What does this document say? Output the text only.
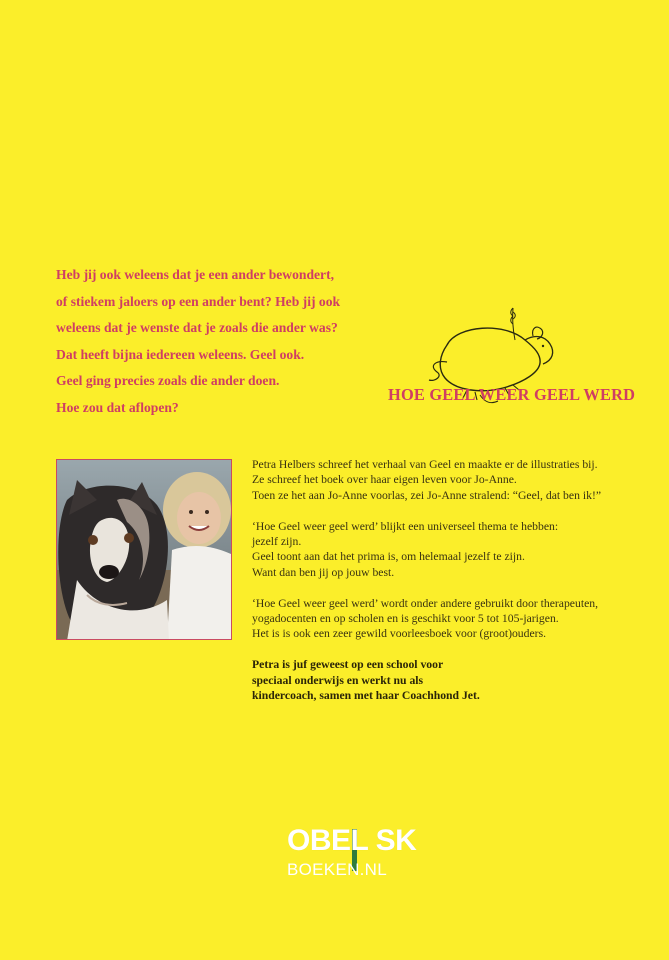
Heb jij ook weleens dat je een ander bewondert,
of stiekem jaloers op een ander bent? Heb jij ook
weleens dat je wenste dat je zoals die ander was?
Dat heeft bijna iedereen weleens. Geel ook.
Geel ging precies zoals die ander doen.
Hoe zou dat aflopen?
HOE GEEL WEER GEEL WERD

Petra Helbers schreef het verhaal van Geel en maakte er de illustraties bij.
Ze schreef het boek over haar eigen leven voor Jo-Anne.
Toen ze het aan Jo-Anne voorlas, zei Jo-Anne stralend: “Geel, dat ben ik!”

‘Hoe Geel weer geel werd’ blijkt een universeel thema te hebben:
jezelf zijn.
Geel toont aan dat het prima is, om helemaal jezelf te zijn.
Want dan ben jij op jouw best.

‘Hoe Geel weer geel werd’ wordt onder andere gebruikt door therapeuten,
yogadocenten en op scholen en is geschikt voor 5 tot 105-jarigen.
Het is is ook een zeer gewild voorleesboek voor (groot)ouders.

Petra is juf geweest op een school voor
speciaal onderwijs en werkt nu als
kindercoach, samen met haar Coachhond Jet.

OBEL SK
BOEKEN.NL
